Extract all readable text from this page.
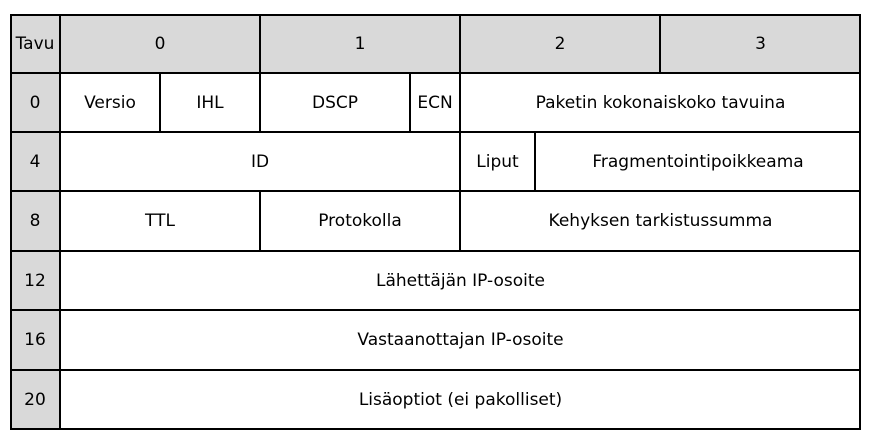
Tavu	0	1	2	3
0	Versio	IHL	DSCP	ECN	Paketin kokonaiskoko tavuina
4	ID	Liput	Fragmentointipoikkeama
8	TTL	Protokolla	Kehyksen tarkistussumma
12	Lähettäjän IP-osoite
16	Vastaanottajan IP-osoite
20	Lisäoptiot (ei pakolliset)
